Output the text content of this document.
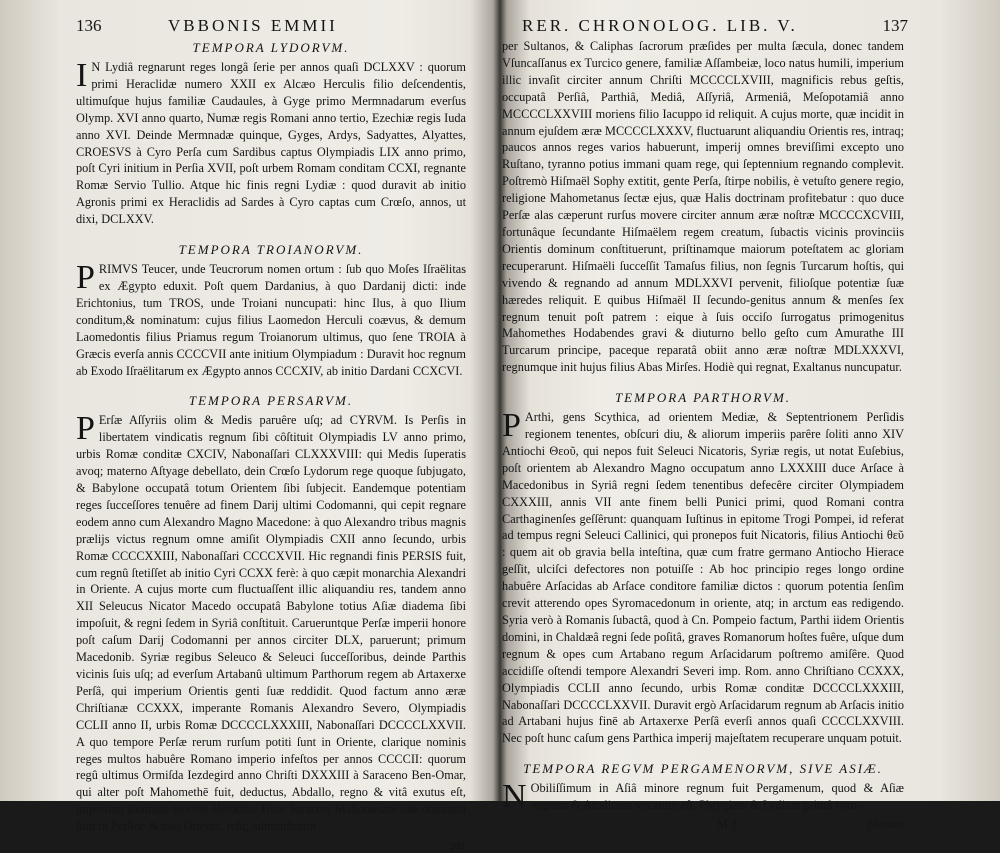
136	VBBONIS EMMII
TEMPORA LYDORVM.

I N Lydiâ regnarunt reges longâ ſerie per annos quaſi DCLXXV : quorum primi Heraclidæ numero XXII ex Alcæo Herculis filio deſcendentis, ultimuſque hujus familiæ Caudaules, à Gyge primo Mermnadarum everſus Olymp. XVI anno quarto, Numæ regis Romani anno tertio, Ezechiæ regis Iuda anno XVI. Deinde Mermnadæ quinque, Gyges, Ardys, Sadyattes, Alyattes, CROESVS à Cyro Perſa cum Sardibus captus Olympiadis LIX anno primo, poſt Cyri initium in Perſia XVII, poſt urbem Romam conditam CCXI, regnante Romæ Servio Tullio. Atque hic finis regni Lydiæ : quod duravit ab initio Agronis primi ex Heraclidis ad Sardes à Cyro captas cum Crœſo, annos, ut dixi, DCLXXV.

TEMPORA TROIANORVM.

PRIMVS Teucer, unde Teucrorum nomen ortum : ſub quo Moſes Iſraëlitas ex Ægypto eduxit. Poſt quem Dardanius, à quo Dardanij dicti: inde Erichtonius, tum TROS, unde Troiani nuncupati: hinc Ilus, à quo Ilium conditum,& nominatum: cujus filius Laomedon Herculi coævus, & demum Laomedontis filius Priamus regum Troianorum ultimus, quo ſene TROIA à Græcis everſa annis CCCCVII ante initium Olympiadum : Duravit hoc regnum ab Exodo Iſraëlitarum ex Ægypto annos CCCXIV, ab initio Dardani CCXCVI.

TEMPORA PERSARVM.

P Erſæ Aſſyriis olim & Medis paruêre uſq; ad CYRVM. Is Perſis in libertatem vindicatis regnum ſibi côſtituit Olympiadis LV anno primo, urbis Romæ conditæ CXCIV, Nabonaſſari CLXXXVIII: qui Medis ſuperatis avoq; materno Aſtyage debellato, dein Crœſo Lydorum rege quoque ſubjugato, & Babylone occupatâ totum Orientem ſibi ſubjecit. Eandemque potentiam reges ſucceſſores tenuêre ad finem Darij ultimi Codomanni, qui cepit regnare eodem anno cum Alexandro Magno Macedone: à quo Alexandro tribus magnis prælijs victus regnum omne amiſit Olympiadis CXII anno ſecundo, urbis Romæ CCCCXXIII, Nabonaſſari CCCCXVII. Hic regnandi finis PERSIS fuit, cum regnû ſtetiſſet ab initio Cyri CCXX ferè: à quo cæpit monarchia Alexandri in Oriente. A cujus morte cum fluctuaſſent illic aliquandiu res, tandem anno XII Seleucus Nicator Macedo occupatâ Babylone totius Aſiæ diadema ſibi impoſuit, & regni ſedem in Syriâ conſtituit. Carueruntque Perſæ imperii honore poſt caſum Darij Codomanni per annos circiter DLX, paruerunt; primum Macedonib. Syriæ regibus Seleuco & Seleuci ſucceſſoribus, deinde Parthis vicinis ſuis uſq; ad everſum Artabanû ultimum Parthorum regem ab Artaxerxe Perſâ, qui imperium Orientis genti ſuæ reddidit. Quod factum anno æræ Chriſtianæ CCXXX, imperante Romanis Alexandro Severo, Olympiadis CCLII anno II, urbis Romæ DCCCCLXXXIII, Nabonaſſari DCCCCLXXVII. A quo tempore Perſæ rerum rurſum potiti ſunt in Oriente, clarique nominis reges multos habuêre Romano imperio infeſtos per annos CCCCII: quorum regû ultimus Ormiſda Iezdegird anno Chriſti DXXXIII à Saraceno Ben-Omar, qui alter poſt Mahomethē fuit, deductus, Abdallo, regno & vitâ exutus eſt, imperium Romanû tenente Heraclio. Hinc Saraceni Mahometani latè dominati ſunt in Perſide & toto Oriente, reſq; adminiſtrarūt

per
RER. CHRONOLOG. LIB. V.	137

per Sultanos, & Caliphas ſacrorum præſides per multa ſæcula, donec tandem Vſuncaſſanus ex Turcico genere, familiæ Aſſambeiæ, loco natus humili, imperium illic invaſit circiter annum Chriſti MCCCCLXVIII, magnificis rebus geſtis, occupatâ Perſiâ, Parthiâ, Mediâ, Aſſyriâ, Armeniâ, Meſopotamiâ anno MCCCCLXXVIII moriens filio Iacuppo id reliquit. A cujus morte, quæ incidit in annum ejuſdem æræ MCCCCLXXXV, fluctuarunt aliquandiu Orientis res, intraq; paucos annos reges varios habuerunt, imperij omnes breviſſimi excepto uno Ruſtano, tyranno potius immani quam rege, qui ſeptennium regnando complevit. Poſtremò Hiſmaël Sophy extitit, gente Perſa, ſtirpe nobilis, è vetuſto genere regio, religione Mahometanus ſectæ ejus, quæ Halis doctrinam profitebatur : quo duce Perſæ alas cæperunt rurſus movere circiter annum æræ noſtræ MCCCCXCVIII, fortunâque ſecundante Hiſmaëlem regem creatum, ſubactis vicinis provinciis Orientis dominum conſtituerunt, priſtinamque maiorum poteſtatem ac gloriam recuperarunt. Hiſmaëli ſucceſſit Tamaſus filius, non ſegnis Turcarum hoſtis, qui vivendo & regnando ad annum MDLXXVI pervenit, filioſque potentiæ ſuæ hæredes reliquit. E quibus Hiſmaël II ſecundo-genitus annum & menſes ſex regnum tenuit poſt patrem : eique à ſuis occiſo ſurrogatus primogenitus Mahomethes Hodabendes gravi & diuturno bello geſto cum Amurathe III Turcarum principe, paceque reparatâ obiit anno æræ noſtræ MDLXXXVI, regnumque init hujus filius Abas Mirſes. Hodiè qui regnat, Exaltanus nuncupatur.

TEMPORA PARTHORVM.

P Arthi, gens Scythica, ad orientem Mediæ, & Septentrionem Perſidis regionem tenentes, obſcuri diu, & aliorum imperiis parêre ſoliti anno XIV Antiochi Θεοῦ, qui nepos fuit Seleuci Nicatoris, Syriæ regis, ut notat Euſebius, poſt orientem ab Alexandro Magno occupatum anno LXXXIII duce Arſace à Macedonibus in Syriâ regni ſedem tenentibus defecêre circiter Olympiadem CXXXIII, annis VII ante finem belli Punici primi, quod Romani contra Carthaginenſes geſſêrunt: quanquam Iuſtinus in epitome Trogi Pompei, id referat ad tempus regni Seleuci Callinici, qui pronepos fuit Nicatoris, filius Antiochi θεῦ : quem ait ob gravia bella inteſtina, quæ cum fratre germano Antiocho Hierace geſſit, ulciſci defectores non potuiſſe : Ab hoc principio reges longo ordine habuêre Arſacidas ab Arſace conditore familiæ dictos : quorum potentia ſenſim crevit atterendo opes Syromacedonum in oriente, atq; in arctum eas redigendo. Syria verò à Romanis ſubactâ, quod à Cn. Pompeio factum, Parthi iidem Orientis domini, in Chaldæâ regni ſede poſitâ, graves Romanorum hoſtes fuêre, uſque dum regnum & opes cum Artabano regum Arſacidarum poſtremo amiſêre. Quod accidiſſe oſtendi tempore Alexandri Severi imp. Rom. anno Chriſtiano CCXXX, Olympiadis CCLII anno ſecundo, urbis Romæ conditæ DCCCCLXXXIII, Nabonaſſari DCCCCLXXVII. Duravit ergò Arſacidarum regnum ab Arſacis initio ad Artabani hujus finē ab Artaxerxe Perſâ everſi annos quaſi CCCCLXXVIII. Nec poſt hunc caſum gens Parthica imperij majeſtatem recuperare unquam potuit.

TEMPORA REGVM PERGAMENORVM, SIVE ASIÆ.

N Obiliſſimum in Aſiâ minore regnum fuit Pergamenum, quod & Aſiæ regnum & Attalicum vocatum eſt, Phrygiam & Lydiam primû com-

M 3	plexum
